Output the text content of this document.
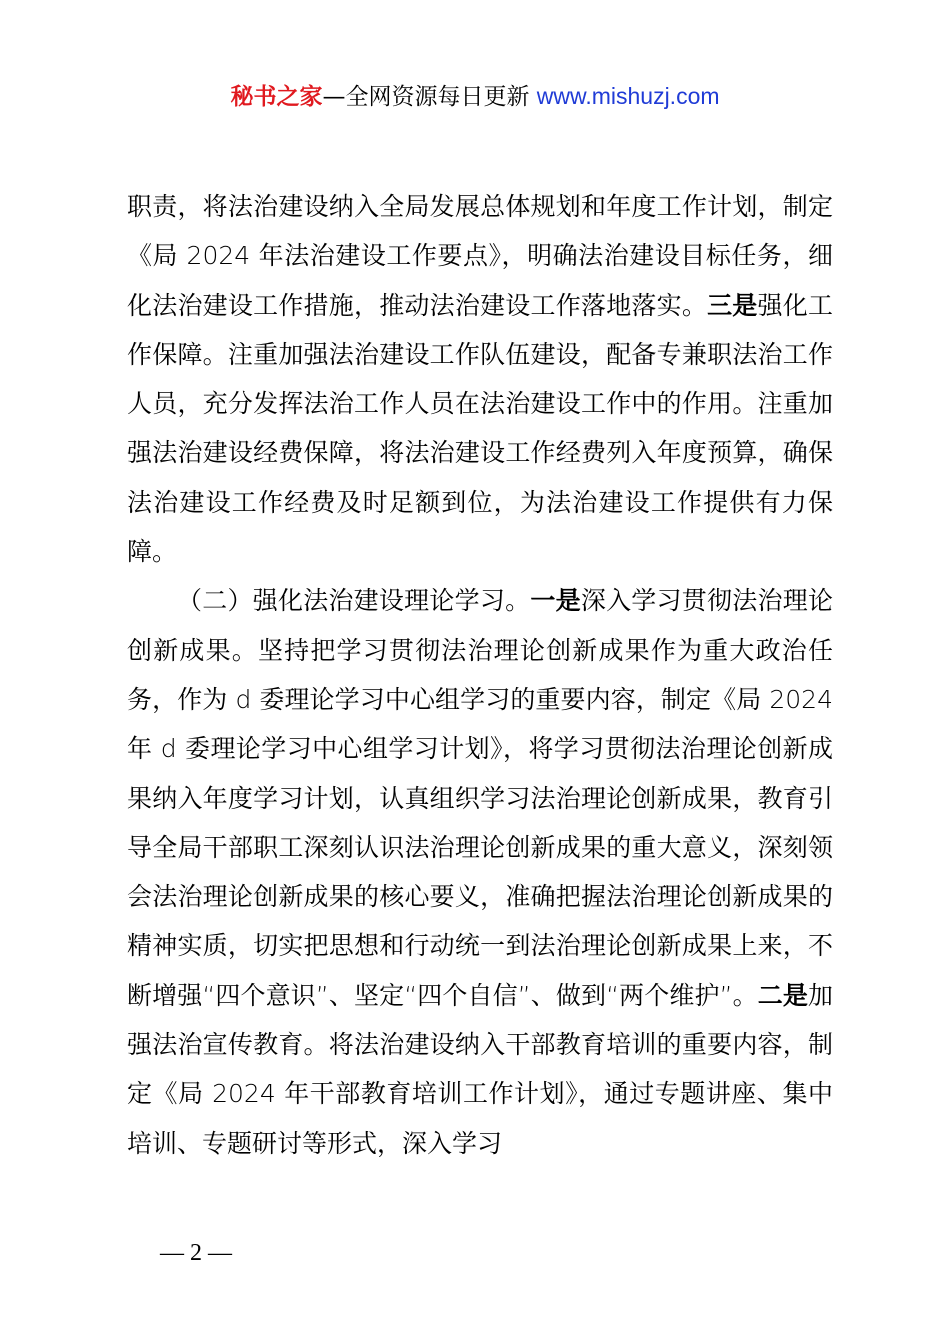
秘书之家—全网资源每日更新 www.mishuzj.com

职责，将法治建设纳入全局发展总体规划和年度工作计划，制定《局 2024 年法治建设工作要点》，明确法治建设目标任务，细化法治建设工作措施，推动法治建设工作落地落实。三是强化工作保障。注重加强法治建设工作队伍建设，配备专兼职法治工作人员，充分发挥法治工作人员在法治建设工作中的作用。注重加强法治建设经费保障，将法治建设工作经费列入年度预算，确保法治建设工作经费及时足额到位，为法治建设工作提供有力保障。

（二）强化法治建设理论学习。一是深入学习贯彻法治理论创新成果。坚持把学习贯彻法治理论创新成果作为重大政治任务，作为 d 委理论学习中心组学习的重要内容，制定《局 2024 年 d 委理论学习中心组学习计划》，将学习贯彻法治理论创新成果纳入年度学习计划，认真组织学习法治理论创新成果，教育引导全局干部职工深刻认识法治理论创新成果的重大意义，深刻领会法治理论创新成果的核心要义，准确把握法治理论创新成果的精神实质，切实把思想和行动统一到法治理论创新成果上来，不断增强“四个意识”、坚定“四个自信”、做到“两个维护”。二是加强法治宣传教育。将法治建设纳入干部教育培训的重要内容，制定《局 2024 年干部教育培训工作计划》，通过专题讲座、集中培训、专题研讨等形式，深入学习

— 2 —
